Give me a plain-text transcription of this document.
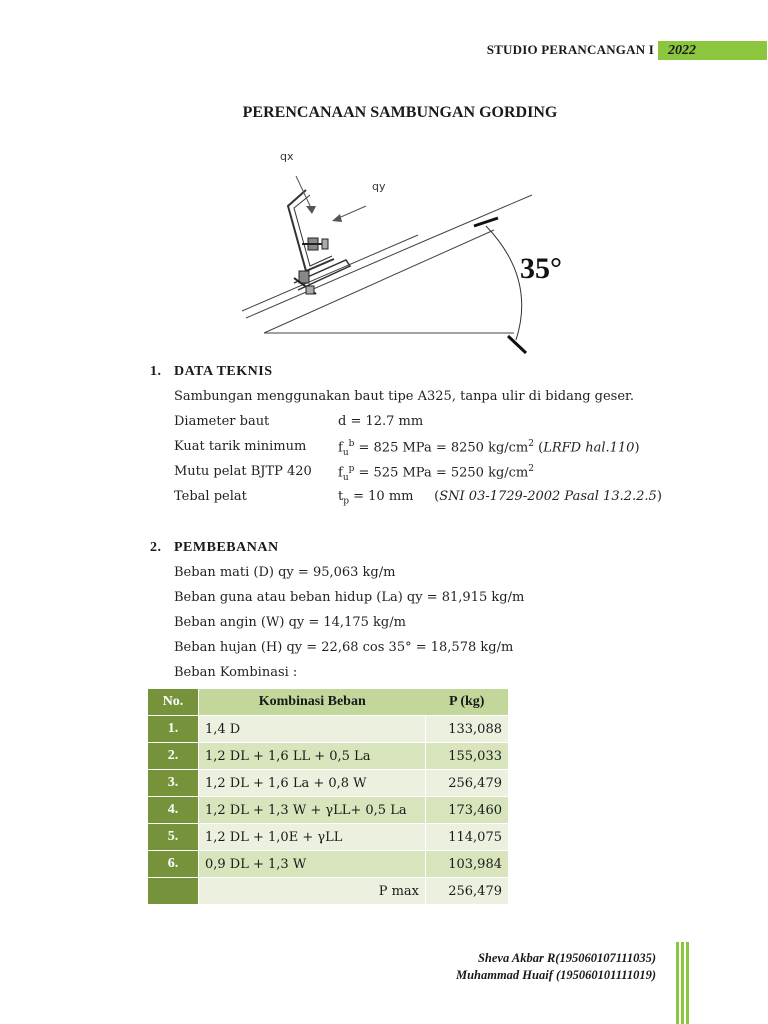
STUDIO PERANCANGAN I	2022
PERENCANAAN SAMBUNGAN GORDING
qx
qy
35°
1. DATA TEKNIS
Sambungan menggunakan baut tipe A325, tanpa ulir di bidang geser.
Diameter baut	d = 12.7 mm
Kuat tarik minimum $f_u^b = 825$ MPa = 8250 $kg/cm^2$ (LRFD hal.110)
Mutu pelat BJTP 420 $f_u^p = 525$ MPa = 5250 $kg/cm^2$
Tebal pelat	$t_p = 10$ mm (SNI 03-1729-2002 Pasal 13.2.2.5)
2. PEMBEBANAN
Beban mati (D) qy = 95,063 kg/m
Beban guna atau beban hidup (La) qy = 81,915 kg/m
Beban angin (W) qy = 14,175 kg/m
Beban hujan (H) qy = 22,68 cos 35° = 18,578 kg/m
Beban Kombinasi :
No.	Kombinasi Beban	P (kg)
1.	1,4 D	133,088
2.	1,2 DL + 1,6 LL + 0,5 La	155,033
3.	1,2 DL + 1,6 La + 0,8 W	256,479
4.	1,2 DL + 1,3 W + γLL+ 0,5 La	173,460
5.	1,2 DL + 1,0E + γLL	114,075
6.	0,9 DL + 1,3 W	103,984
	P max	256,479
Sheva Akbar R(195060107111035)
Muhammad Huaif (195060101111019)
